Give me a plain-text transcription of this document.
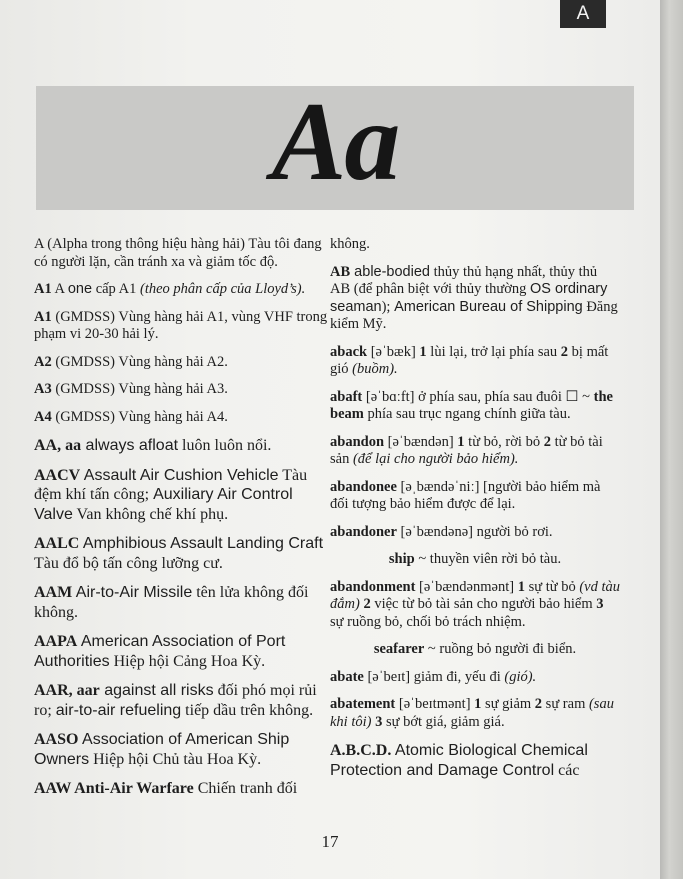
A
Aa
A (Alpha trong thông hiệu hàng hải) Tàu tôi đang có người lặn, cần tránh xa và giảm tốc độ.
A1 A one cấp A1 (theo phân cấp của Lloyd’s).
A1 (GMDSS) Vùng hàng hải A1, vùng VHF trong phạm vi 20-30 hải lý.
A2 (GMDSS) Vùng hàng hải A2.
A3 (GMDSS) Vùng hàng hải A3.
A4 (GMDSS) Vùng hàng hải A4.
AA, aa always afloat luôn luôn nổi.
AACV Assault Air Cushion Vehicle Tàu đệm khí tấn công; Auxiliary Air Control Valve Van không chế khí phụ.
AALC Amphibious Assault Landing Craft Tàu đổ bộ tấn công lưỡng cư.
AAM Air-to-Air Missile tên lửa không đối không.
AAPA American Association of Port Authorities Hiệp hội Cảng Hoa Kỳ.
AAR, aar against all risks đối phó mọi rủi ro; air-to-air refueling tiếp dầu trên không.
AASO Association of American Ship Owners Hiệp hội Chủ tàu Hoa Kỳ.
AAW Anti-Air Warfare Chiến tranh đối
không.
AB able-bodied thủy thủ hạng nhất, thủy thủ AB (để phân biệt với thủy thường OS ordinary seaman); American Bureau of Shipping Đăng kiểm Mỹ.
aback [əˈbæk] 1 lùi lại, trở lại phía sau 2 bị mất gió (buồm).
abaft [əˈbɑːft] ở phía sau, phía sau đuôi ☐ ~ the beam phía sau trục ngang chính giữa tàu.
abandon [əˈbændən] 1 từ bỏ, rời bỏ 2 từ bỏ tài sản (để lại cho người bảo hiểm).
abandonee [əˌbændəˈniː] [người bảo hiểm mà đối tượng bảo hiểm được để lại.
abandoner [əˈbændənə] người bỏ rơi.
ship ~ thuyền viên rời bỏ tàu.
abandonment [əˈbændənmənt] 1 sự từ bỏ (vd tàu đắm) 2 việc từ bỏ tài sản cho người bảo hiểm 3 sự ruồng bỏ, chối bỏ trách nhiệm.
seafarer ~ ruồng bỏ người đi biển.
abate [əˈbeɪt] giảm đi, yếu đi (gió).
abatement [əˈbeɪtmənt] 1 sự giảm 2 sự ram (sau khi tôi) 3 sự bớt giá, giảm giá.
A.B.C.D. Atomic Biological Chemical Protection and Damage Control các
17
